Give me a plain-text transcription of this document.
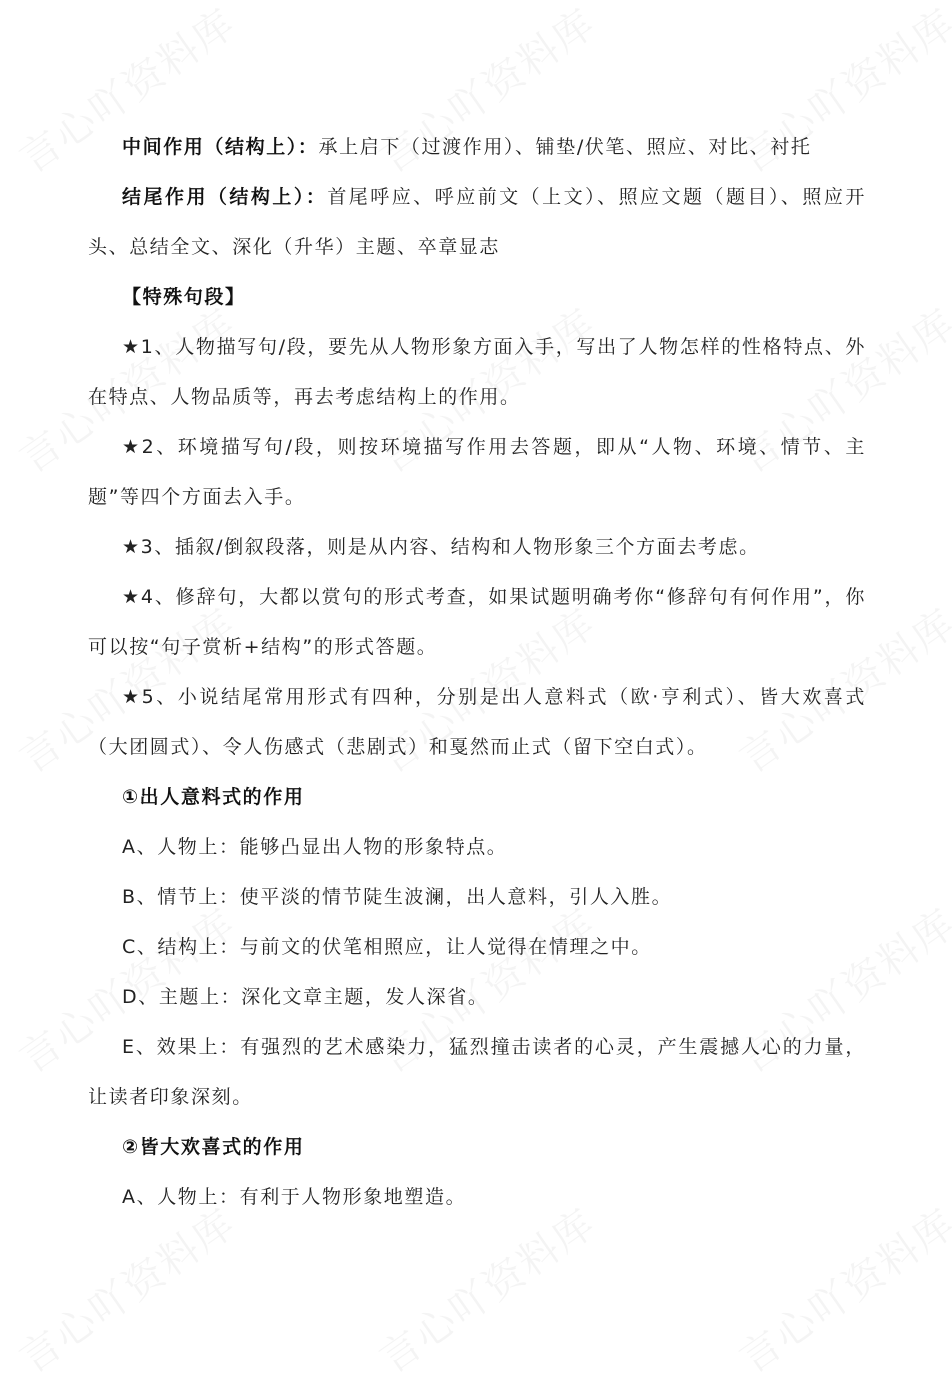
中间作用（结构上）：承上启下（过渡作用）、铺垫/伏笔、照应、对比、衬托

结尾作用（结构上）：首尾呼应、呼应前文（上文）、照应文题（题目）、照应开头、总结全文、深化（升华）主题、卒章显志

【特殊句段】

★1、人物描写句/段，要先从人物形象方面入手，写出了人物怎样的性格特点、外在特点、人物品质等，再去考虑结构上的作用。

★2、环境描写句/段，则按环境描写作用去答题，即从“人物、环境、情节、主题”等四个方面去入手。

★3、插叙/倒叙段落，则是从内容、结构和人物形象三个方面去考虑。

★4、修辞句，大都以赏句的形式考查，如果试题明确考你“修辞句有何作用”，你可以按“句子赏析+结构”的形式答题。

★5、小说结尾常用形式有四种，分别是出人意料式（欧·亨利式）、皆大欢喜式（大团圆式）、令人伤感式（悲剧式）和戛然而止式（留下空白式）。

①出人意料式的作用

A、人物上：能够凸显出人物的形象特点。

B、情节上：使平淡的情节陡生波澜，出人意料，引人入胜。

C、结构上：与前文的伏笔相照应，让人觉得在情理之中。

D、主题上：深化文章主题，发人深省。

E、效果上：有强烈的艺术感染力，猛烈撞击读者的心灵，产生震撼人心的力量，让读者印象深刻。

②皆大欢喜式的作用

A、人物上：有利于人物形象地塑造。
